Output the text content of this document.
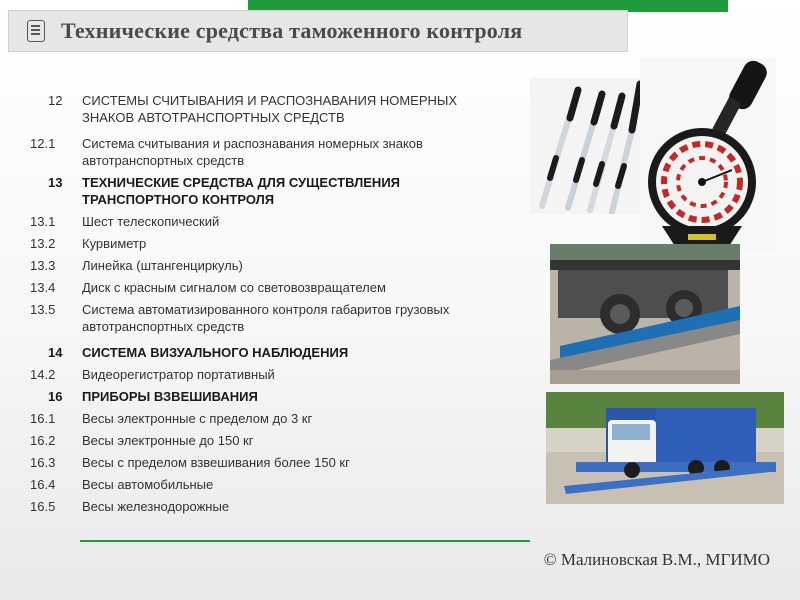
Технические средства таможенного контроля
12	СИСТЕМЫ СЧИТЫВАНИЯ И РАСПОЗНАВАНИЯ НОМЕРНЫХ ЗНАКОВ АВТОТРАНСПОРТНЫХ СРЕДСТВ
12.1	Система считывания и распознавания номерных знаков автотранспортных средств
13	ТЕХНИЧЕСКИЕ СРЕДСТВА ДЛЯ СУЩЕСТВЛЕНИЯ ТРАНСПОРТНОГО КОНТРОЛЯ
13.1	Шест телескопический
13.2	Курвиметр
13.3	Линейка (штангенциркуль)
13.4	Диск с красным сигналом со световозвращателем
13.5	Система автоматизированного контроля габаритов грузовых автотранспортных средств
14	СИСТЕМА ВИЗУАЛЬНОГО НАБЛЮДЕНИЯ
14.2	Видеорегистратор портативный
16	ПРИБОРЫ ВЗВЕШИВАНИЯ
16.1	Весы электронные с пределом до 3 кг
16.2	Весы электронные до 150 кг
16.3	Весы с пределом взвешивания более 150 кг
16.4	Весы автомобильные
16.5	Весы железнодорожные
© Малиновская В.М., МГИМО
